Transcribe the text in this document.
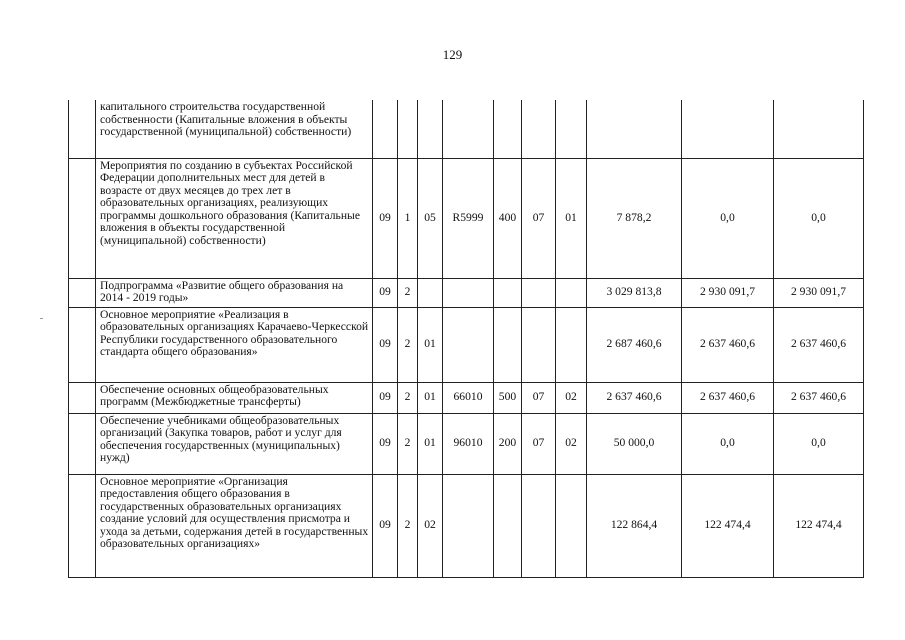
129
	капитального строительства государственной собственности (Капитальные вложения в объекты государственной (муниципальной) собственности)										
	Мероприятия по созданию в субъектах Российской Федерации дополнительных мест для детей в возрасте от двух месяцев до трех лет в образовательных организациях, реализующих программы дошкольного образования (Капитальные вложения в объекты государственной (муниципальной) собственности)	09	1	05	R5999	400	07	01	7 878,2	0,0	0,0
	Подпрограмма «Развитие общего образования на 2014 - 2019 годы»	09	2						3 029 813,8	2 930 091,7	2 930 091,7
	Основное мероприятие «Реализация в образовательных организациях Карачаево-Черкесской Республики государственного образовательного стандарта общего образования»	09	2	01					2 687 460,6	2 637 460,6	2 637 460,6
	Обеспечение основных общеобразовательных программ (Межбюджетные трансферты)	09	2	01	66010	500	07	02	2 637 460,6	2 637 460,6	2 637 460,6
	Обеспечение учебниками общеобразовательных организаций (Закупка товаров, работ и услуг для обеспечения государственных (муниципальных) нужд)	09	2	01	96010	200	07	02	50 000,0	0,0	0,0
	Основное мероприятие «Организация предоставления общего образования в государственных образовательных организациях создание условий для осуществления присмотра и ухода за детьми, содержания детей в государственных образовательных организациях»	09	2	02					122 864,4	122 474,4	122 474,4
